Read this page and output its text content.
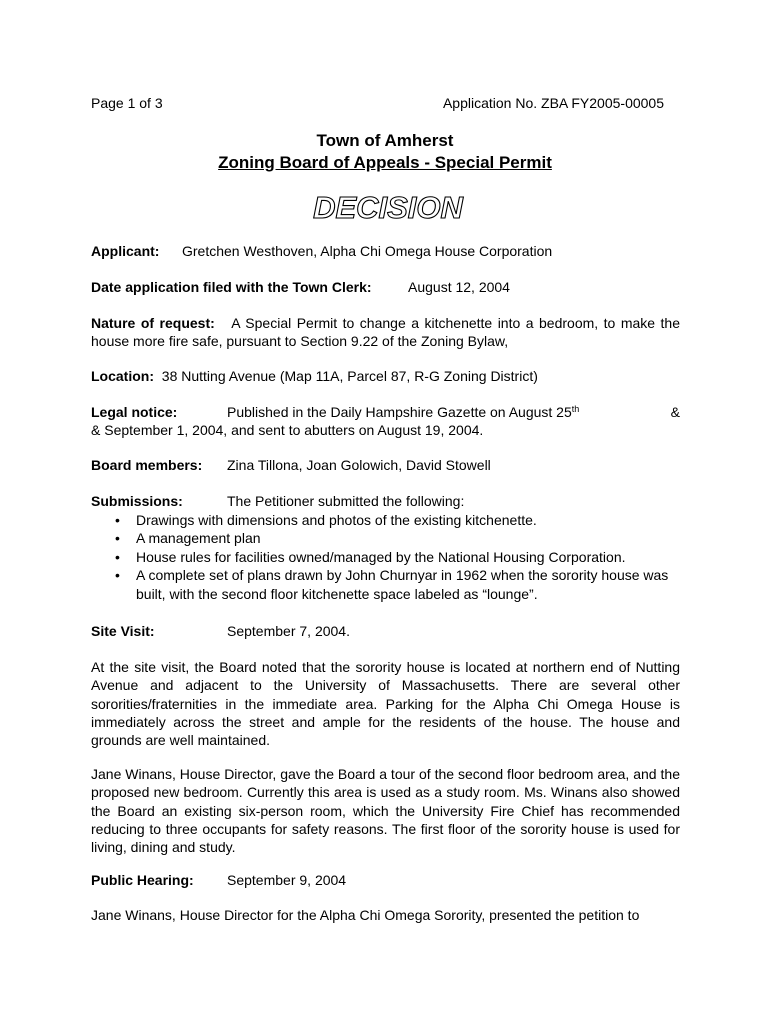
Page 1 of 3	Application No. ZBA FY2005-00005
Town of Amherst
Zoning Board of Appeals - Special Permit
DECISION
Applicant: Gretchen Westhoven, Alpha Chi Omega House Corporation
Date application filed with the Town Clerk:	August 12, 2004
Nature of request: A Special Permit to change a kitchenette into a bedroom, to make the house more fire safe, pursuant to Section 9.22 of the Zoning Bylaw,
Location: 38 Nutting Avenue (Map 11A, Parcel 87, R-G Zoning District)
Legal notice:	Published in the Daily Hampshire Gazette on August 25th	&
& September 1, 2004, and sent to abutters on August 19, 2004.
Board members: Zina Tillona, Joan Golowich, David Stowell
Submissions:	The Petitioner submitted the following:
• Drawings with dimensions and photos of the existing kitchenette.
• A management plan
• House rules for facilities owned/managed by the National Housing Corporation.
• A complete set of plans drawn by John Churnyar in 1962 when the sorority house was built, with the second floor kitchenette space labeled as “lounge”.
Site Visit:	September 7, 2004.
At the site visit, the Board noted that the sorority house is located at northern end of Nutting Avenue and adjacent to the University of Massachusetts. There are several other sororities/fraternities in the immediate area. Parking for the Alpha Chi Omega House is immediately across the street and ample for the residents of the house. The house and grounds are well maintained.
Jane Winans, House Director, gave the Board a tour of the second floor bedroom area, and the proposed new bedroom. Currently this area is used as a study room. Ms. Winans also showed the Board an existing six-person room, which the University Fire Chief has recommended reducing to three occupants for safety reasons. The first floor of the sorority house is used for living, dining and study.
Public Hearing: September 9, 2004
Jane Winans, House Director for the Alpha Chi Omega Sorority, presented the petition to
